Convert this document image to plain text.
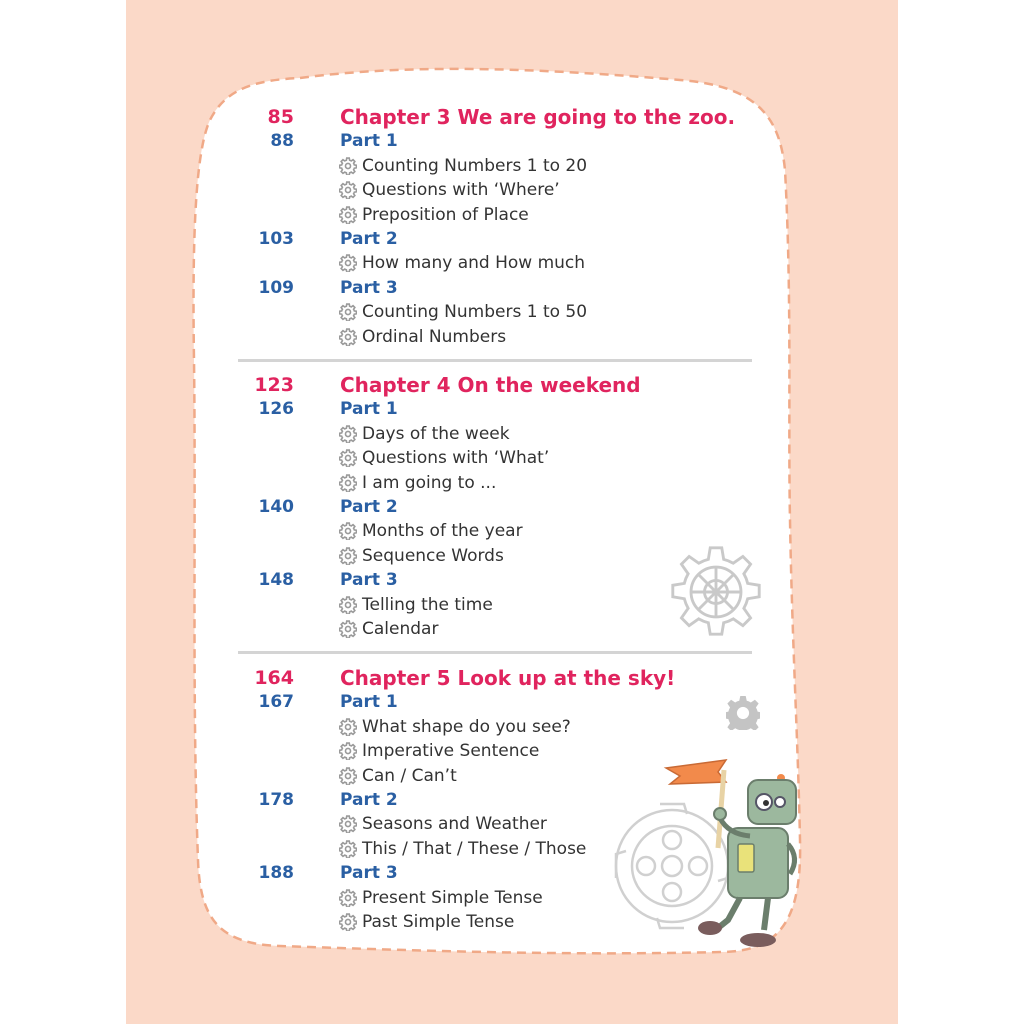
85 Chapter 3 We are going to the zoo.
88	Part 1
Counting Numbers 1 to 20
Questions with ‘Where’
Preposition of Place
103	Part 2
How many and How much
109	Part 3
Counting Numbers 1 to 50
Ordinal Numbers
123 Chapter 4 On the weekend
126	Part 1
Days of the week
Questions with ‘What’
I am going to ...
140	Part 2
Months of the year
Sequence Words
148	Part 3
Telling the time
Calendar
164 Chapter 5 Look up at the sky!
167	Part 1
What shape do you see?
Imperative Sentence
Can / Can’t
178	Part 2
Seasons and Weather
This / That / These / Those
188	Part 3
Present Simple Tense
Past Simple Tense
